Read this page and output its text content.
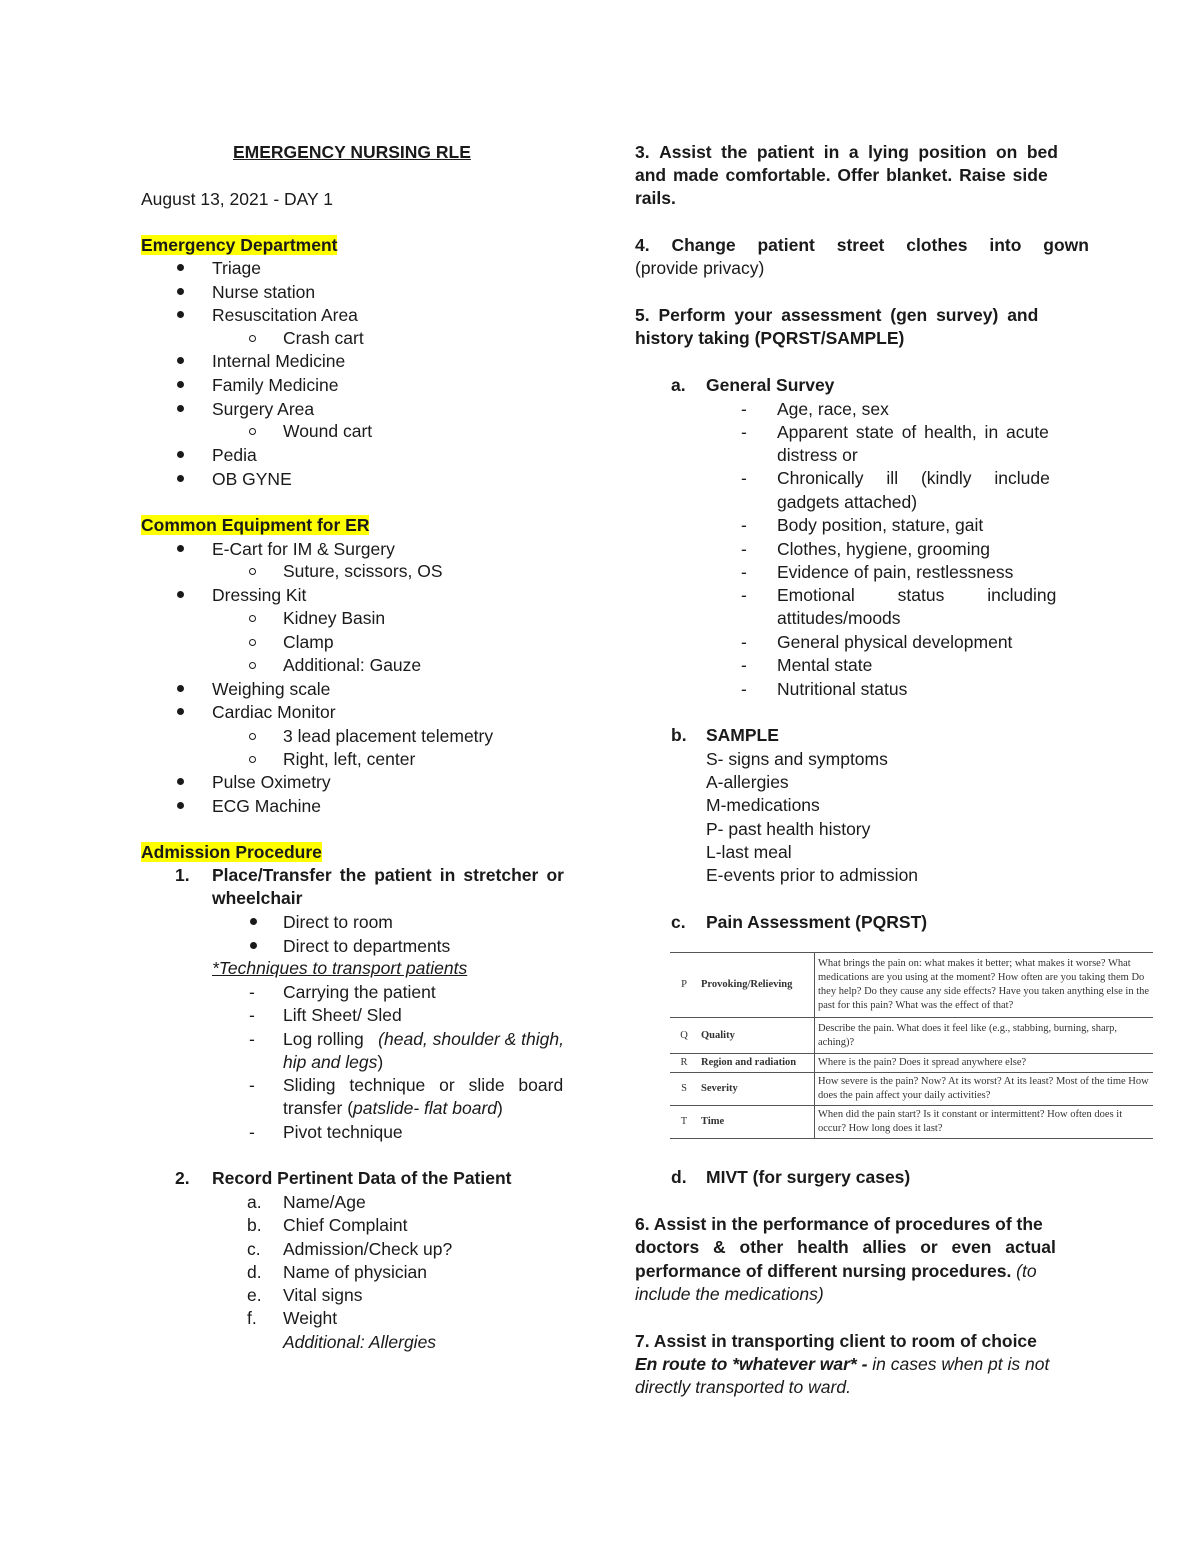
EMERGENCY NURSING RLE
August 13, 2021 - DAY 1
Emergency Department
Triage
Nurse station
Resuscitation Area
Crash cart
Internal Medicine
Family Medicine
Surgery Area
Wound cart
Pedia
OB GYNE
Common Equipment for ER
E-Cart for IM & Surgery
Suture, scissors, OS
Dressing Kit
Kidney Basin
Clamp
Additional: Gauze
Weighing scale
Cardiac Monitor
3 lead placement telemetry
Right, left, center
Pulse Oximetry
ECG Machine
Admission Procedure
1. Place/Transfer the patient in stretcher or
wheelchair
Direct to room
Direct to departments
*Techniques to transport patients
- Carrying the patient
- Lift Sheet/ Sled
- Log rolling (head, shoulder & thigh,
hip and legs)
- Sliding technique or slide board
transfer (patslide- flat board)
- Pivot technique
2. Record Pertinent Data of the Patient
a. Name/Age
b. Chief Complaint
c. Admission/Check up?
d. Name of physician
e. Vital signs
f. Weight
Additional: Allergies
3. Assist the patient in a lying position on bed
and made comfortable. Offer blanket. Raise side
rails.
4. Change patient street clothes into gown
(provide privacy)
5. Perform your assessment (gen survey) and
history taking (PQRST/SAMPLE)
a. General Survey
- Age, race, sex
- Apparent state of health, in acute
distress or
- Chronically ill (kindly include
gadgets attached)
- Body position, stature, gait
- Clothes, hygiene, grooming
- Evidence of pain, restlessness
- Emotional status including
attitudes/moods
- General physical development
- Mental state
- Nutritional status
b. SAMPLE
S- signs and symptoms
A-allergies
M-medications
P- past health history
L-last meal
E-events prior to admission
c. Pain Assessment (PQRST)
P	Provoking/Relieving	What brings the pain on: what makes it better; what makes it worse? What medications are you using at the moment? How often are you taking them Do they help? Do they cause any side effects? Have you taken anything else in the past for this pain? What was the effect of that?
Q	Quality	Describe the pain. What does it feel like (e.g., stabbing, burning, sharp, aching)?
R	Region and radiation	Where is the pain? Does it spread anywhere else?
S	Severity	How severe is the pain? Now? At its worst? At its least? Most of the time How does the pain affect your daily activities?
T	Time	When did the pain start? Is it constant or intermittent? How often does it occur? How long does it last?
d. MIVT (for surgery cases)
6. Assist in the performance of procedures of the
doctors & other health allies or even actual
performance of different nursing procedures. (to
include the medications)
7. Assist in transporting client to room of choice
En route to *whatever war* - in cases when pt is not
directly transported to ward.
